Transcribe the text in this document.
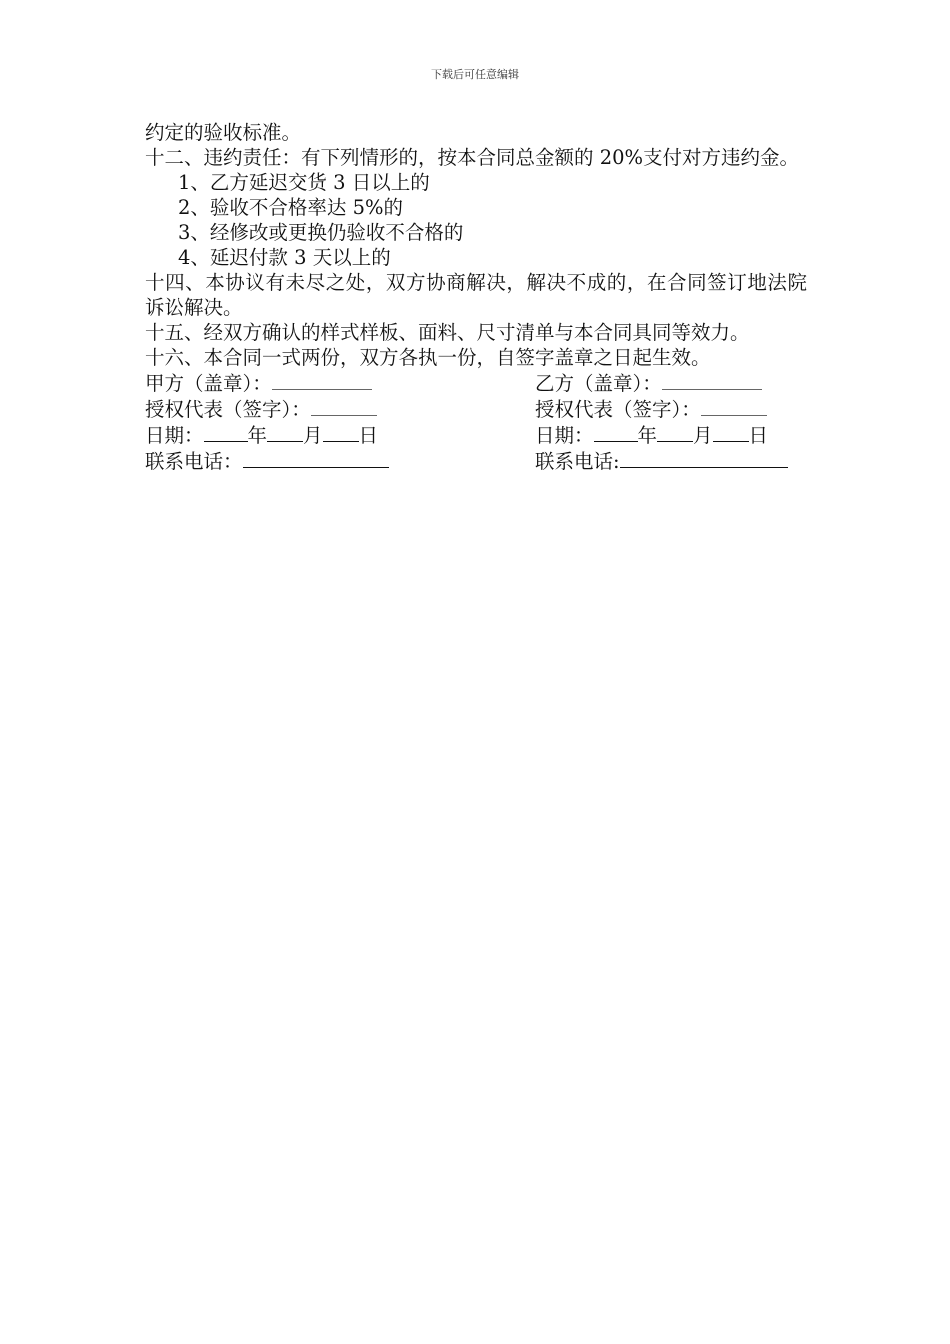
下载后可任意编辑

约定的验收标准。

十二、违约责任：有下列情形的，按本合同总金额的 20%支付对方违约金。

1、乙方延迟交货 3 日以上的

2、验收不合格率达 5%的

3、经修改或更换仍验收不合格的

4、延迟付款 3 天以上的

十四、本协议有未尽之处，双方协商解决，解决不成的，在合同签订地法院诉讼解决。

十五、经双方确认的样式样板、面料、尺寸清单与本合同具同等效力。

十六、本合同一式两份，双方各执一份，自签字盖章之日起生效。

甲方（盖章）：	乙方（盖章）：
授权代表（签字）：	授权代表（签字）：
日期： 年 月 日	日期： 年 月 日
联系电话：	联系电话:
